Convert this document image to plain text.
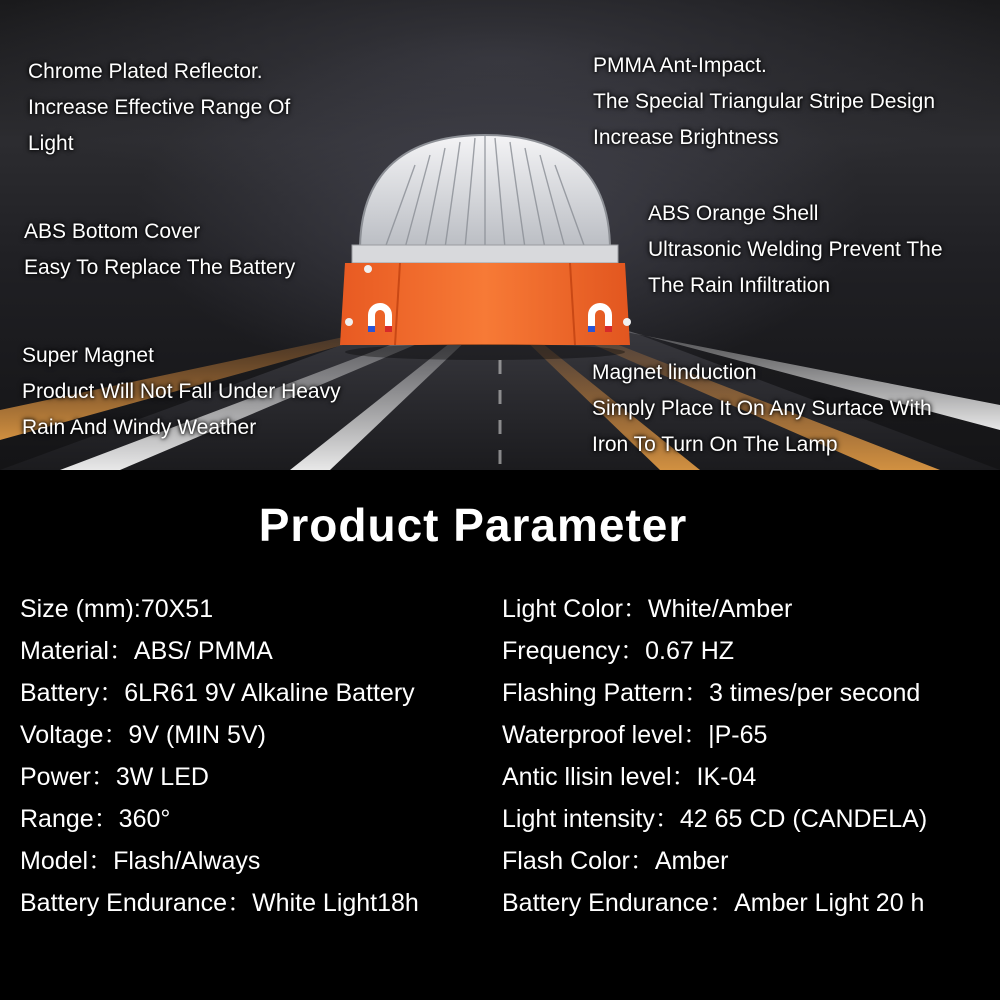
Chrome Plated Reflector.
Increase Effective Range Of
Light
PMMA Ant-Impact.
The Special Triangular Stripe Design
Increase Brightness
ABS Bottom Cover
Easy To Replace The Battery
ABS Orange Shell
Ultrasonic Welding Prevent The
The Rain Infiltration
Super Magnet
Product Will Not Fall Under Heavy
Rain And Windy Weather
Magnet linduction
Simply Place It On Any Surtace With
Iron To Turn On The Lamp
Product Parameter
Size (mm):70X51
Material：ABS/ PMMA
Battery：6LR61 9V Alkaline Battery
Voltage：9V (MIN 5V)
Power：3W LED
Range：360°
Model：Flash/Always
Battery Endurance：White Light18h
Light Color：White/Amber
Frequency：0.67 HZ
Flashing Pattern：3 times/per second
Waterproof level：|P-65
Antic llisin level：IK-04
Light intensity：42 65 CD (CANDELA)
Flash Color：Amber
Battery Endurance：Amber Light 20 h
